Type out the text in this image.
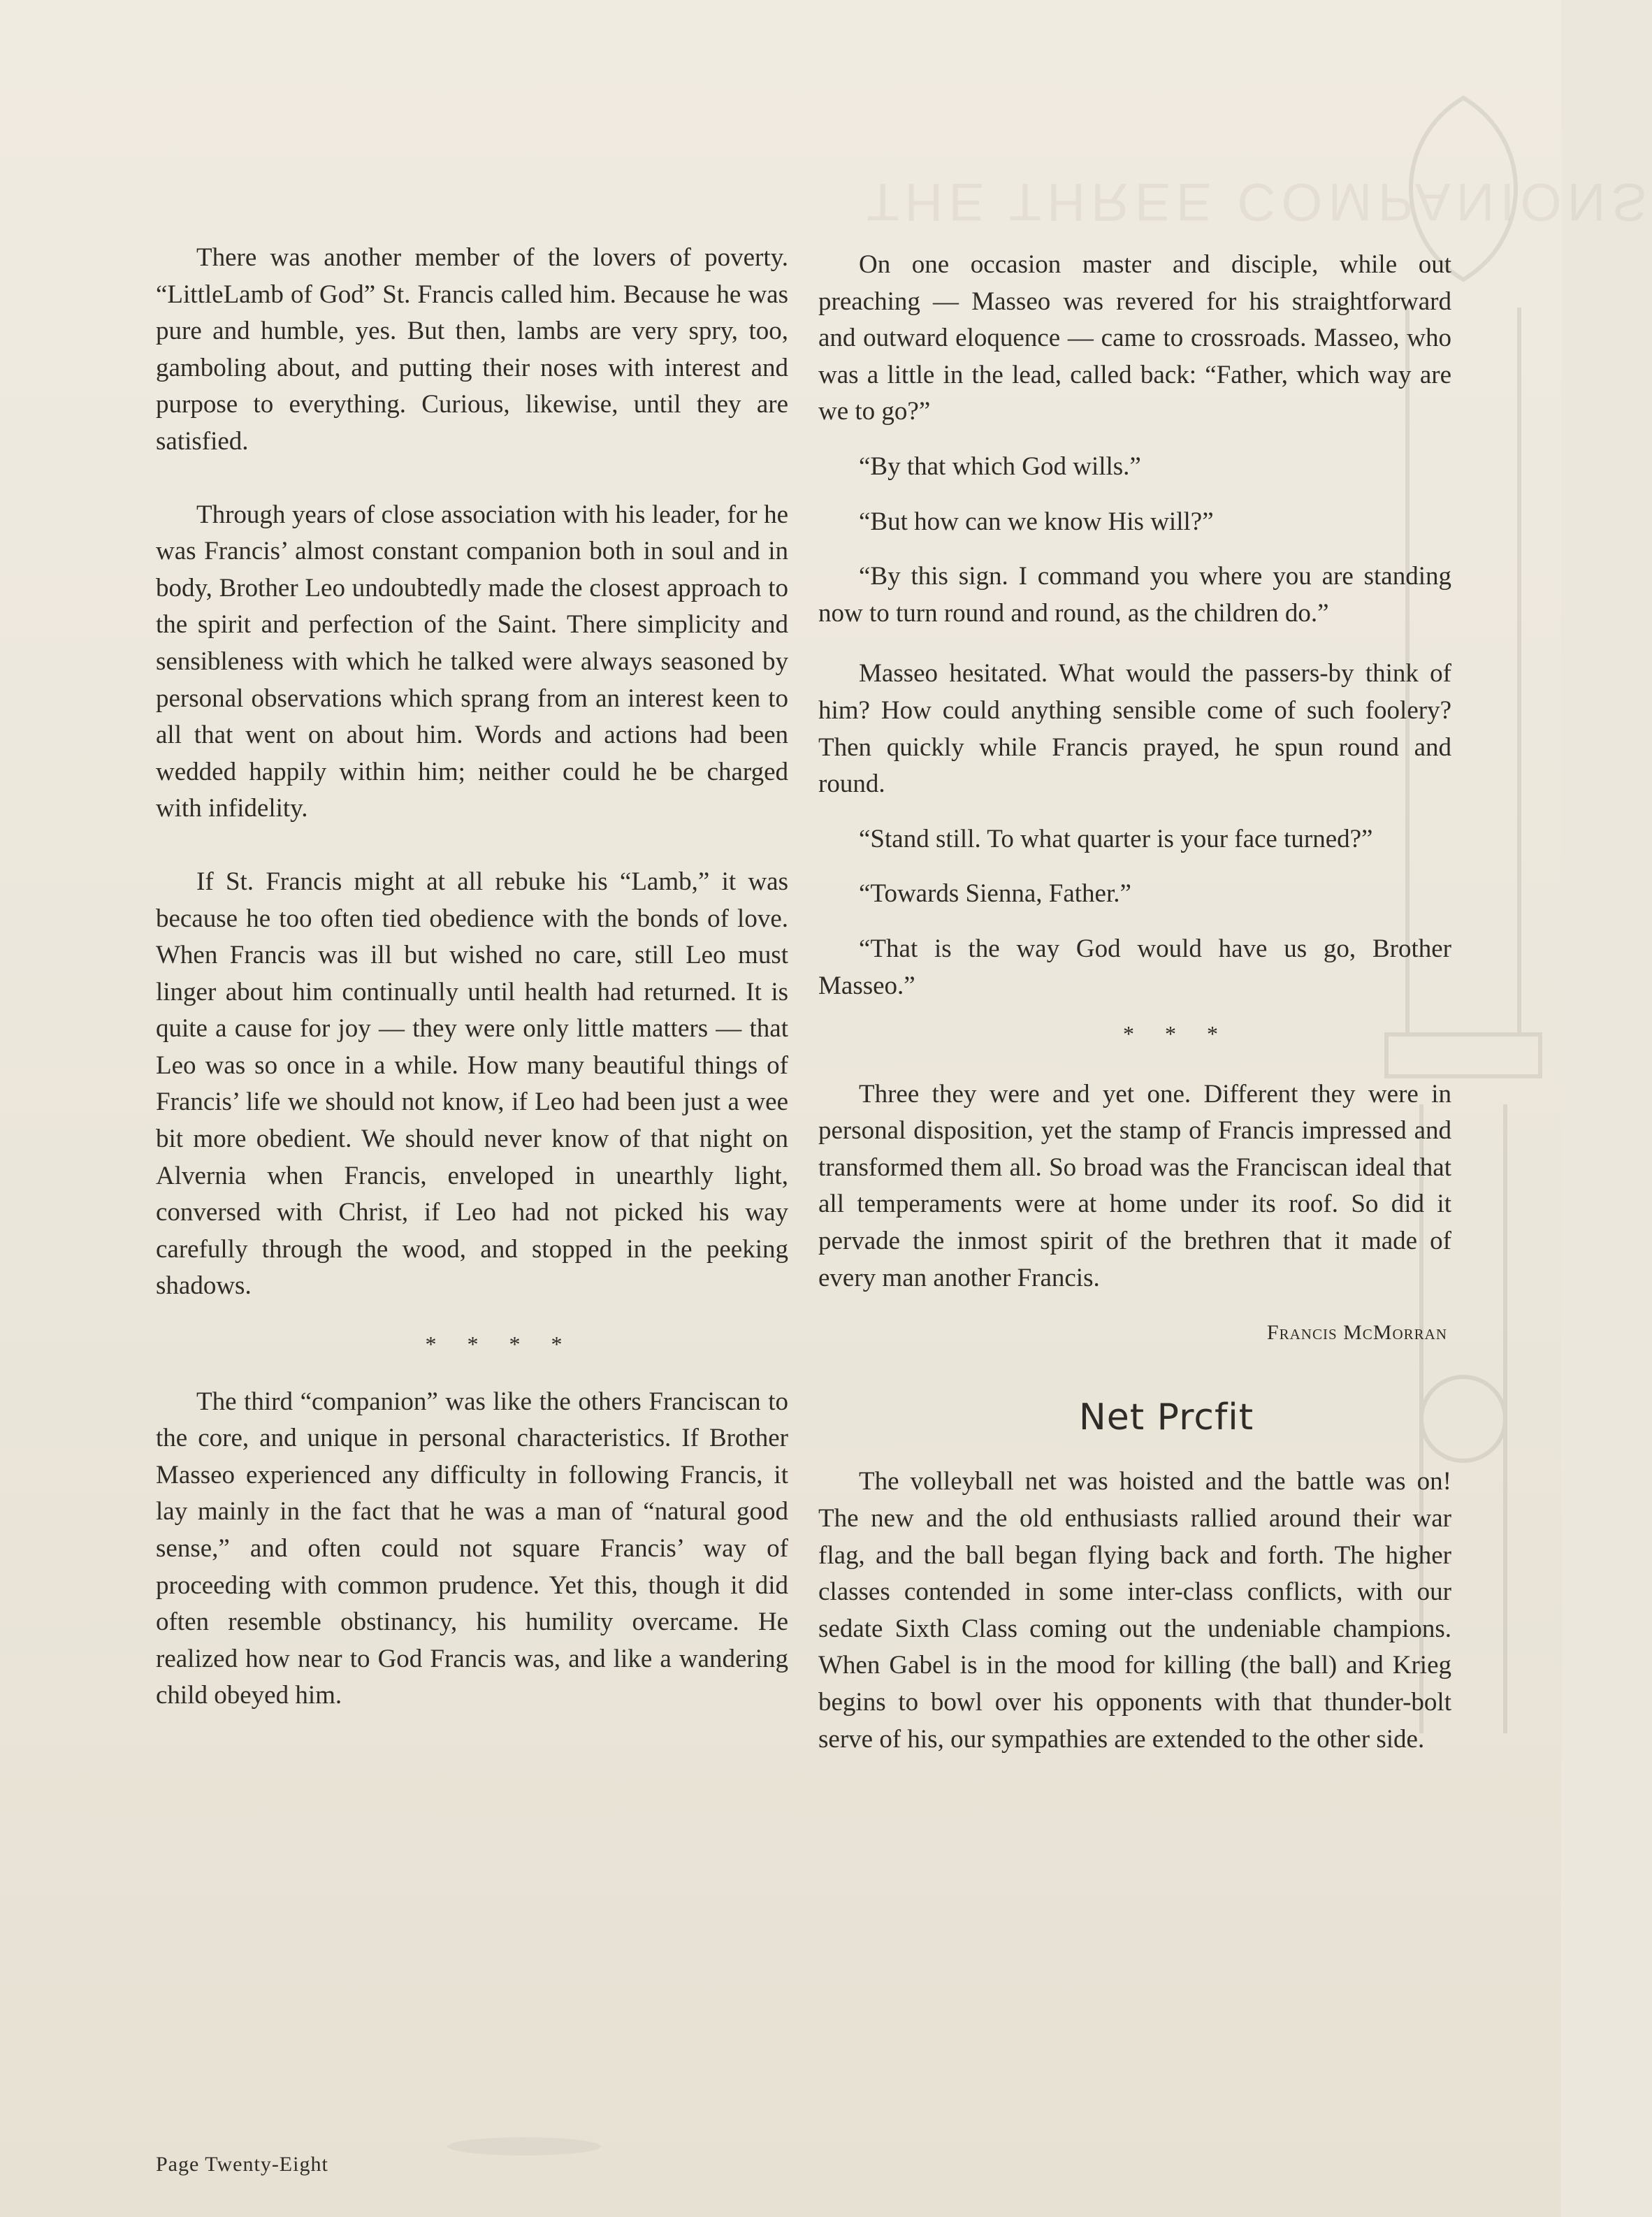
THE THREE COMPANIONS

There was another member of the lovers of poverty. “LittleLamb of God” St. Francis called him. Because he was pure and humble, yes. But then, lambs are very spry, too, gamboling about, and putting their noses with interest and purpose to everything. Curious, likewise, until they are satisfied.

Through years of close association with his leader, for he was Francis’ almost constant companion both in soul and in body, Brother Leo undoubtedly made the closest approach to the spirit and perfection of the Saint. There simplicity and sensibleness with which he talked were always seasoned by personal observations which sprang from an interest keen to all that went on about him. Words and actions had been wedded happily within him; neither could he be charged with infidelity.

If St. Francis might at all rebuke his “Lamb,” it was because he too often tied obedience with the bonds of love. When Francis was ill but wished no care, still Leo must linger about him continually until health had returned. It is quite a cause for joy — they were only little matters — that Leo was so once in a while. How many beautiful things of Francis’ life we should not know, if Leo had been just a wee bit more obedient. We should never know of that night on Alvernia when Francis, enveloped in unearthly light, conversed with Christ, if Leo had not picked his way carefully through the wood, and stopped in the peeking shadows.

* * * *

The third “companion” was like the others Franciscan to the core, and unique in personal characteristics. If Brother Masseo experienced any difficulty in following Francis, it lay mainly in the fact that he was a man of “natural good sense,” and often could not square Francis’ way of proceeding with common prudence. Yet this, though it did often resemble obstinancy, his humility overcame. He realized how near to God Francis was, and like a wandering child obeyed him.

On one occasion master and disciple, while out preaching — Masseo was revered for his straightforward and outward eloquence — came to crossroads. Masseo, who was a little in the lead, called back: “Father, which way are we to go?”

“By that which God wills.”

“But how can we know His will?”

“By this sign. I command you where you are standing now to turn round and round, as the children do.”

Masseo hesitated. What would the passers-by think of him? How could anything sensible come of such foolery? Then quickly while Francis prayed, he spun round and round.

“Stand still. To what quarter is your face turned?”

“Towards Sienna, Father.”

“That is the way God would have us go, Brother Masseo.”

* * *

Three they were and yet one. Different they were in personal disposition, yet the stamp of Francis impressed and transformed them all. So broad was the Franciscan ideal that all temperaments were at home under its roof. So did it pervade the inmost spirit of the brethren that it made of every man another Francis.

Francis McMorran

Net Prcfit

The volleyball net was hoisted and the battle was on! The new and the old enthusiasts rallied around their war flag, and the ball began flying back and forth. The higher classes contended in some inter-class conflicts, with our sedate Sixth Class coming out the undeniable champions. When Gabel is in the mood for killing (the ball) and Krieg begins to bowl over his opponents with that thunder-bolt serve of his, our sympathies are extended to the other side.

Page Twenty-Eight
